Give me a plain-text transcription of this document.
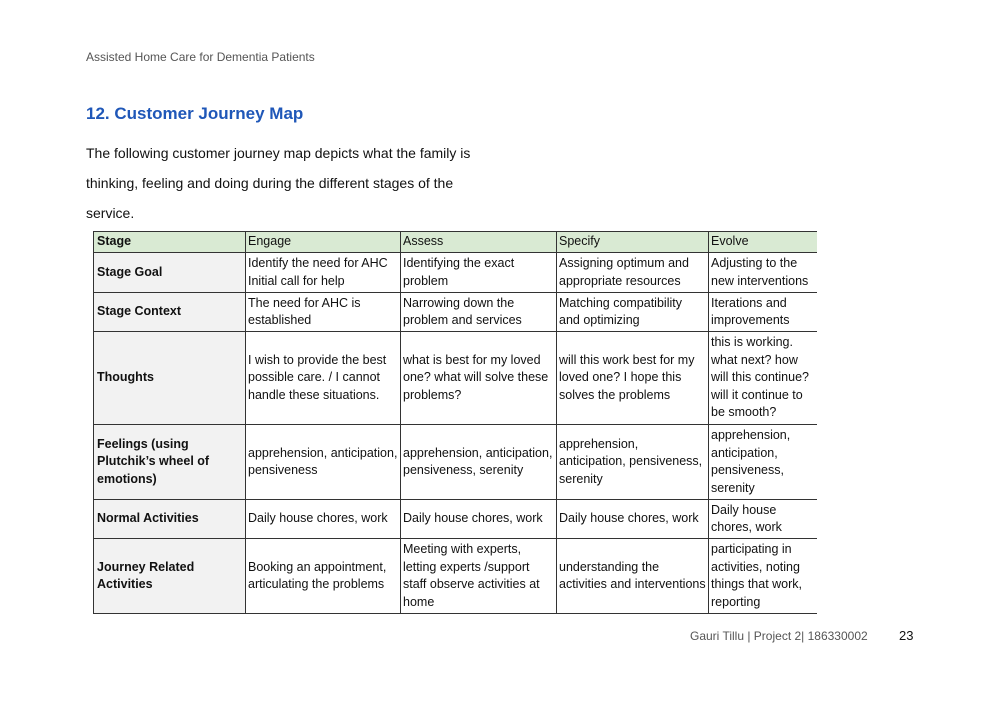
Assisted Home Care for Dementia Patients
12. Customer Journey Map

The following customer journey map depicts what the family is thinking, feeling and doing during the different stages of the service.

Stage	Engage	Assess	Specify	Evolve
Stage Goal	Identify the need for AHC Initial call for help	Identifying the exact problem	Assigning optimum and appropriate resources	Adjusting to the new interventions
Stage Context	The need for AHC is established	Narrowing down the problem and services	Matching compatibility and optimizing	Iterations and improvements
Thoughts	I wish to provide the best possible care. / I cannot handle these situations.	what is best for my loved one? what will solve these problems?	will this work best for my loved one? I hope this solves the problems	this is working. what next? how will this continue? will it continue to be smooth?
Feelings (using Plutchik’s wheel of emotions)	apprehension, anticipation, pensiveness	apprehension, anticipation, pensiveness, serenity	apprehension, anticipation, pensiveness, serenity	apprehension, anticipation, pensiveness, serenity
Normal Activities	Daily house chores, work	Daily house chores, work	Daily house chores, work	Daily house chores, work
Journey Related Activities	Booking an appointment, articulating the problems	Meeting with experts, letting experts /support staff observe activities at home	understanding the activities and interventions	participating in activities, noting things that work, reporting
Gauri Tillu | Project 2| 186330002 23
